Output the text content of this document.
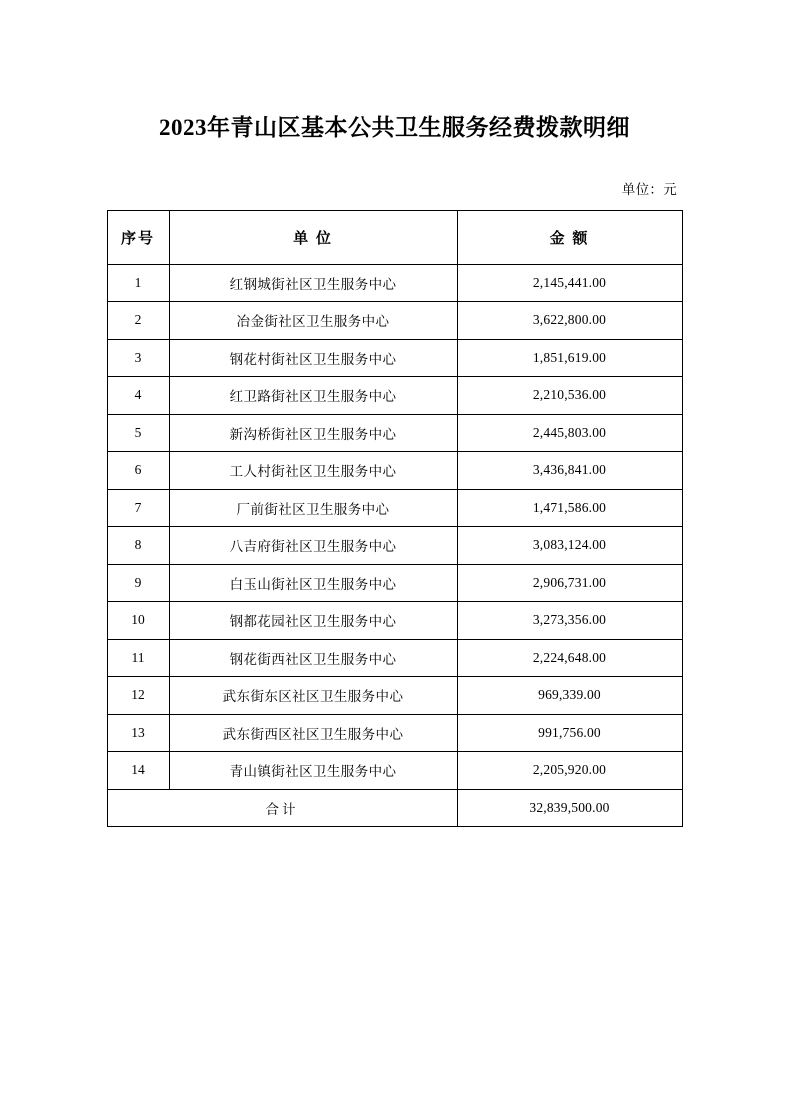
2023年青山区基本公共卫生服务经费拨款明细
单位：元
序号	单 位	金 额
1	红钢城街社区卫生服务中心	2,145,441.00
2	冶金街社区卫生服务中心	3,622,800.00
3	钢花村街社区卫生服务中心	1,851,619.00
4	红卫路街社区卫生服务中心	2,210,536.00
5	新沟桥街社区卫生服务中心	2,445,803.00
6	工人村街社区卫生服务中心	3,436,841.00
7	厂前街社区卫生服务中心	1,471,586.00
8	八吉府街社区卫生服务中心	3,083,124.00
9	白玉山街社区卫生服务中心	2,906,731.00
10	钢都花园社区卫生服务中心	3,273,356.00
11	钢花街西社区卫生服务中心	2,224,648.00
12	武东街东区社区卫生服务中心	969,339.00
13	武东街西区社区卫生服务中心	991,756.00
14	青山镇街社区卫生服务中心	2,205,920.00
合计		32,839,500.00
